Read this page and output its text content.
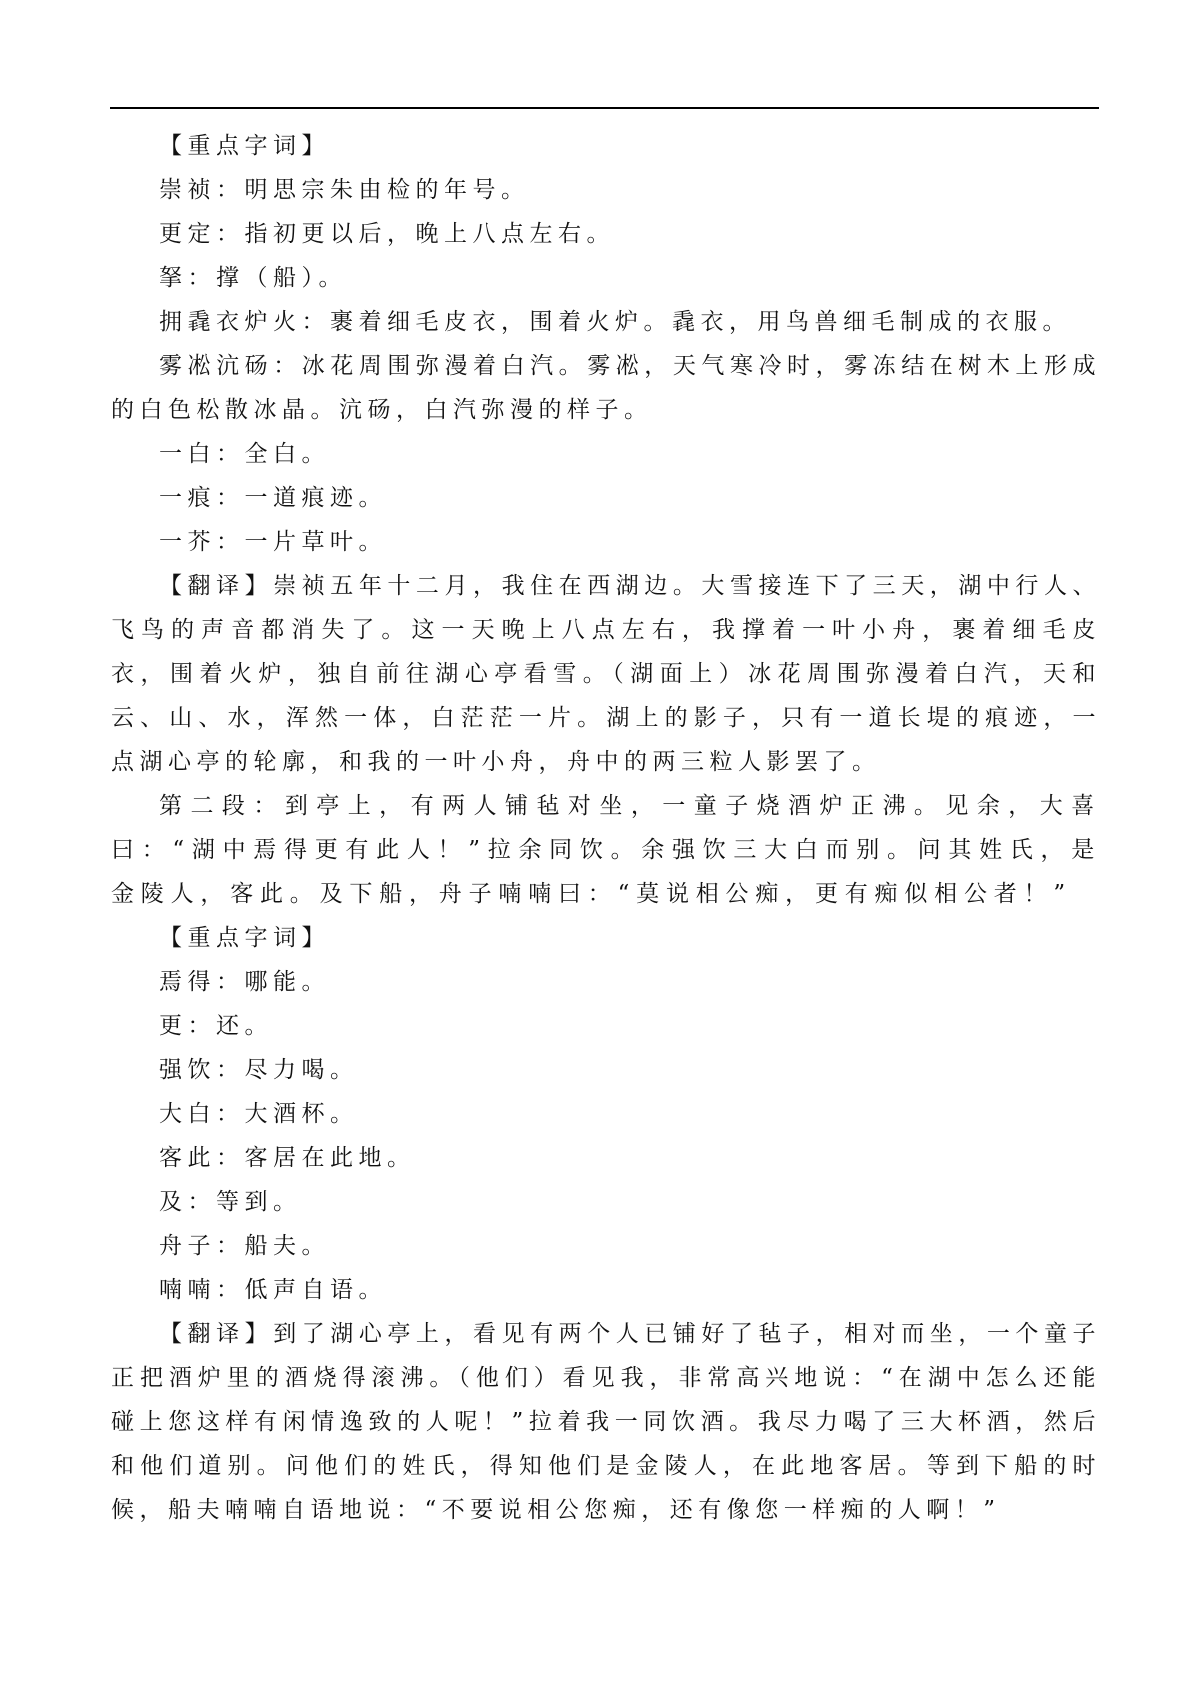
【重点字词】

崇祯：明思宗朱由检的年号。

更定：指初更以后，晚上八点左右。

拏：撑（船）。

拥毳衣炉火：裹着细毛皮衣，围着火炉。毳衣，用鸟兽细毛制成的衣服。

雾凇沆砀：冰花周围弥漫着白汽。雾凇，天气寒冷时，雾冻结在树木上形成的白色松散冰晶。沆砀，白汽弥漫的样子。

一白：全白。

一痕：一道痕迹。

一芥：一片草叶。

【翻译】崇祯五年十二月，我住在西湖边。大雪接连下了三天，湖中行人、飞鸟的声音都消失了。这一天晚上八点左右，我撑着一叶小舟，裹着细毛皮衣，围着火炉，独自前往湖心亭看雪。（湖面上）冰花周围弥漫着白汽，天和云、山、水，浑然一体，白茫茫一片。湖上的影子，只有一道长堤的痕迹，一点湖心亭的轮廓，和我的一叶小舟，舟中的两三粒人影罢了。

第二段：到亭上，有两人铺毡对坐，一童子烧酒炉正沸。见余，大喜曰：“湖中焉得更有此人！”拉余同饮。余强饮三大白而别。问其姓氏，是金陵人，客此。及下船，舟子喃喃曰：“莫说相公痴，更有痴似相公者！”

【重点字词】

焉得：哪能。

更：还。

强饮：尽力喝。

大白：大酒杯。

客此：客居在此地。

及：等到。

舟子：船夫。

喃喃：低声自语。

【翻译】到了湖心亭上，看见有两个人已铺好了毡子，相对而坐，一个童子正把酒炉里的酒烧得滚沸。（他们）看见我，非常高兴地说：“在湖中怎么还能碰上您这样有闲情逸致的人呢！”拉着我一同饮酒。我尽力喝了三大杯酒，然后和他们道别。问他们的姓氏，得知他们是金陵人，在此地客居。等到下船的时候，船夫喃喃自语地说：“不要说相公您痴，还有像您一样痴的人啊！”
